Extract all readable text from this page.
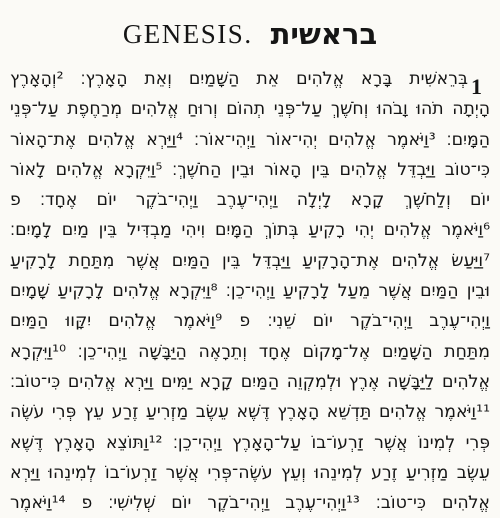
GENESIS. בראשית
1
בְּרֵאשִׁית בָּרָא אֱלֹהִים אֵת הַשָּׁמַיִם וְאֵת הָאָרֶץ׃ ²וְהָאָרֶץ
הָיְתָה תֹהוּ וָבֹהוּ וְחֹשֶׁךְ עַל־פְּנֵי תְהוֹם וְרוּחַ אֱלֹהִים מְרַחֶפֶת עַל־פְּנֵי
הַמָּיִם׃ ³וַיֹּאמֶר אֱלֹהִים יְהִי־אוֹר וַיְהִי־אוֹר׃ ⁴וַיַּרְא אֱלֹהִים אֶת־הָאוֹר
כִּי־טוֹב וַיַּבְדֵּל אֱלֹהִים בֵּין הָאוֹר וּבֵין הַחֹשֶׁךְ׃ ⁵וַיִּקְרָא אֱלֹהִים לָאוֹר
יוֹם וְלַחֹשֶׁךְ קָרָא לָיְלָה וַיְהִי־עֶרֶב וַיְהִי־בֹקֶר יוֹם אֶחָד׃ פ
⁶וַיֹּאמֶר אֱלֹהִים יְהִי רָקִיעַ בְּתוֹךְ הַמָּיִם וִיהִי מַבְדִּיל בֵּין מַיִם לָמָיִם׃
⁷וַיַּעַשׂ אֱלֹהִים אֶת־הָרָקִיעַ וַיַּבְדֵּל בֵּין הַמַּיִם אֲשֶׁר מִתַּחַת לָרָקִיעַ
וּבֵין הַמַּיִם אֲשֶׁר מֵעַל לָרָקִיעַ וַיְהִי־כֵן׃ ⁸וַיִּקְרָא אֱלֹהִים לָרָקִיעַ שָׁמָיִם
וַיְהִי־עֶרֶב וַיְהִי־בֹקֶר יוֹם שֵׁנִי׃ פ ⁹וַיֹּאמֶר אֱלֹהִים יִקָּווּ הַמַּיִם
מִתַּחַת הַשָּׁמַיִם אֶל־מָקוֹם אֶחָד וְתֵרָאֶה הַיַּבָּשָׁה וַיְהִי־כֵן׃ ¹⁰וַיִּקְרָא
אֱלֹהִים לַיַּבָּשָׁה אֶרֶץ וּלְמִקְוֵה הַמַּיִם קָרָא יַמִּים וַיַּרְא אֱלֹהִים כִּי־טוֹב׃
¹¹וַיֹּאמֶר אֱלֹהִים תַּדְשֵׁא הָאָרֶץ דֶּשֶׁא עֵשֶׂב מַזְרִיעַ זֶרַע עֵץ פְּרִי עֹשֶׂה
פְּרִי לְמִינוֹ אֲשֶׁר זַרְעוֹ־בוֹ עַל־הָאָרֶץ וַיְהִי־כֵן׃ ¹²וַתּוֹצֵא הָאָרֶץ דֶּשֶׁא
עֵשֶׂב מַזְרִיעַ זֶרַע לְמִינֵהוּ וְעֵץ עֹשֶׂה־פְּרִי אֲשֶׁר זַרְעוֹ־בוֹ לְמִינֵהוּ וַיַּרְא
אֱלֹהִים כִּי־טוֹב׃ ¹³וַיְהִי־עֶרֶב וַיְהִי־בֹקֶר יוֹם שְׁלִישִׁי׃ פ ¹⁴וַיֹּאמֶר
